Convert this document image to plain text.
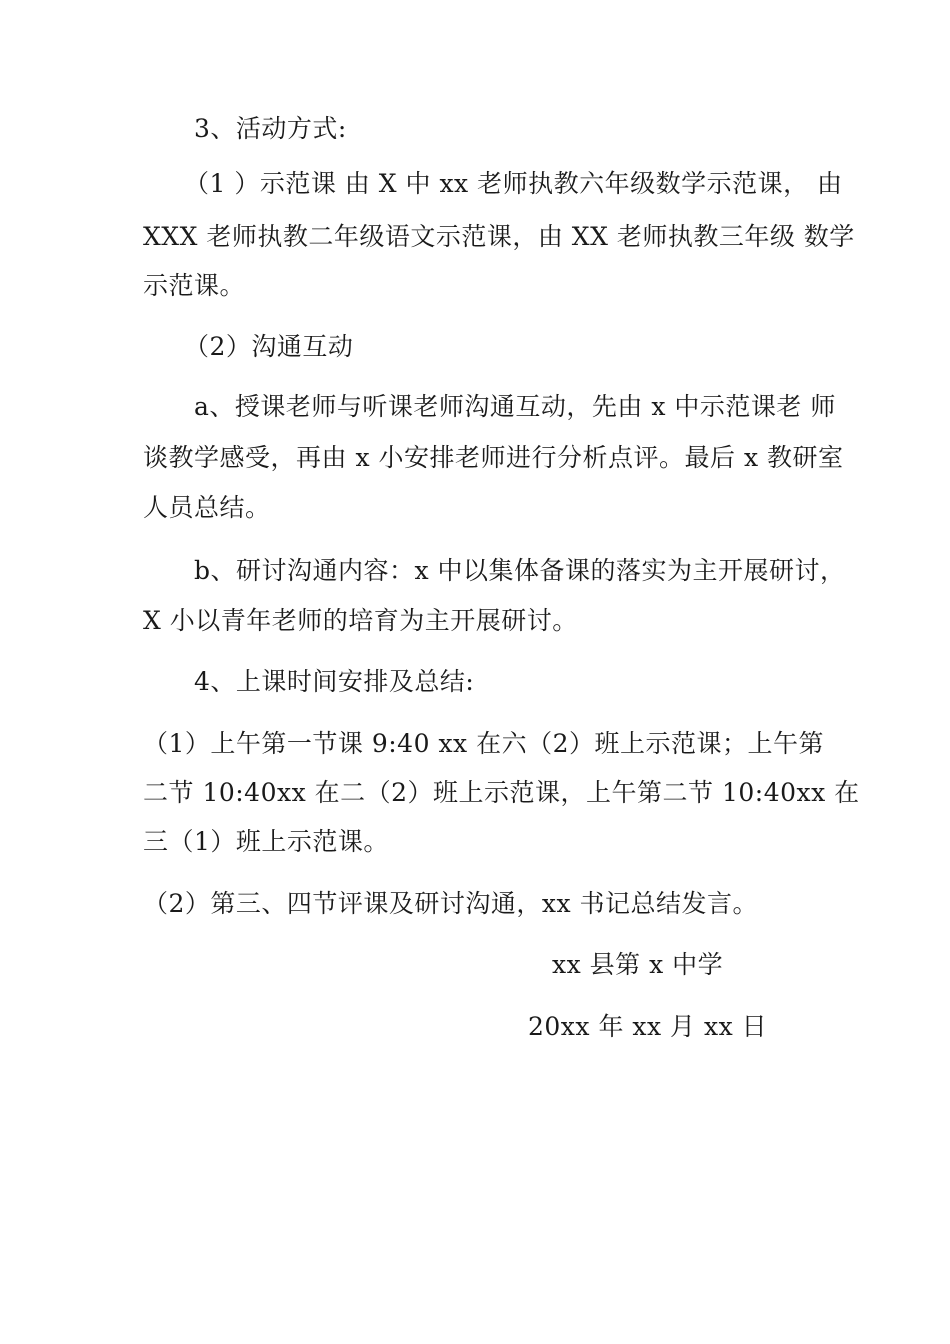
3、活动方式:
（1 ）示范课 由 X 中 xx 老师执教六年级数学示范课， 由
XXX 老师执教二年级语文示范课，由 XX 老师执教三年级 数学
示范课。
（2）沟通互动
a、授课老师与听课老师沟通互动，先由 x 中示范课老 师
谈教学感受，再由 x 小安排老师进行分析点评。最后 x 教研室
人员总结。
b、研讨沟通内容：x 中以集体备课的落实为主开展研讨，
X 小以青年老师的培育为主开展研讨。
4、上课时间安排及总结:
（1）上午第一节课 9:40 xx 在六（2）班上示范课；上午第
二节 10:40xx 在二（2）班上示范课，上午第二节 10:40xx 在
三（1）班上示范课。
（2）第三、四节评课及研讨沟通，xx 书记总结发言。
xx 县第 x 中学
20xx 年 xx 月 xx 日
